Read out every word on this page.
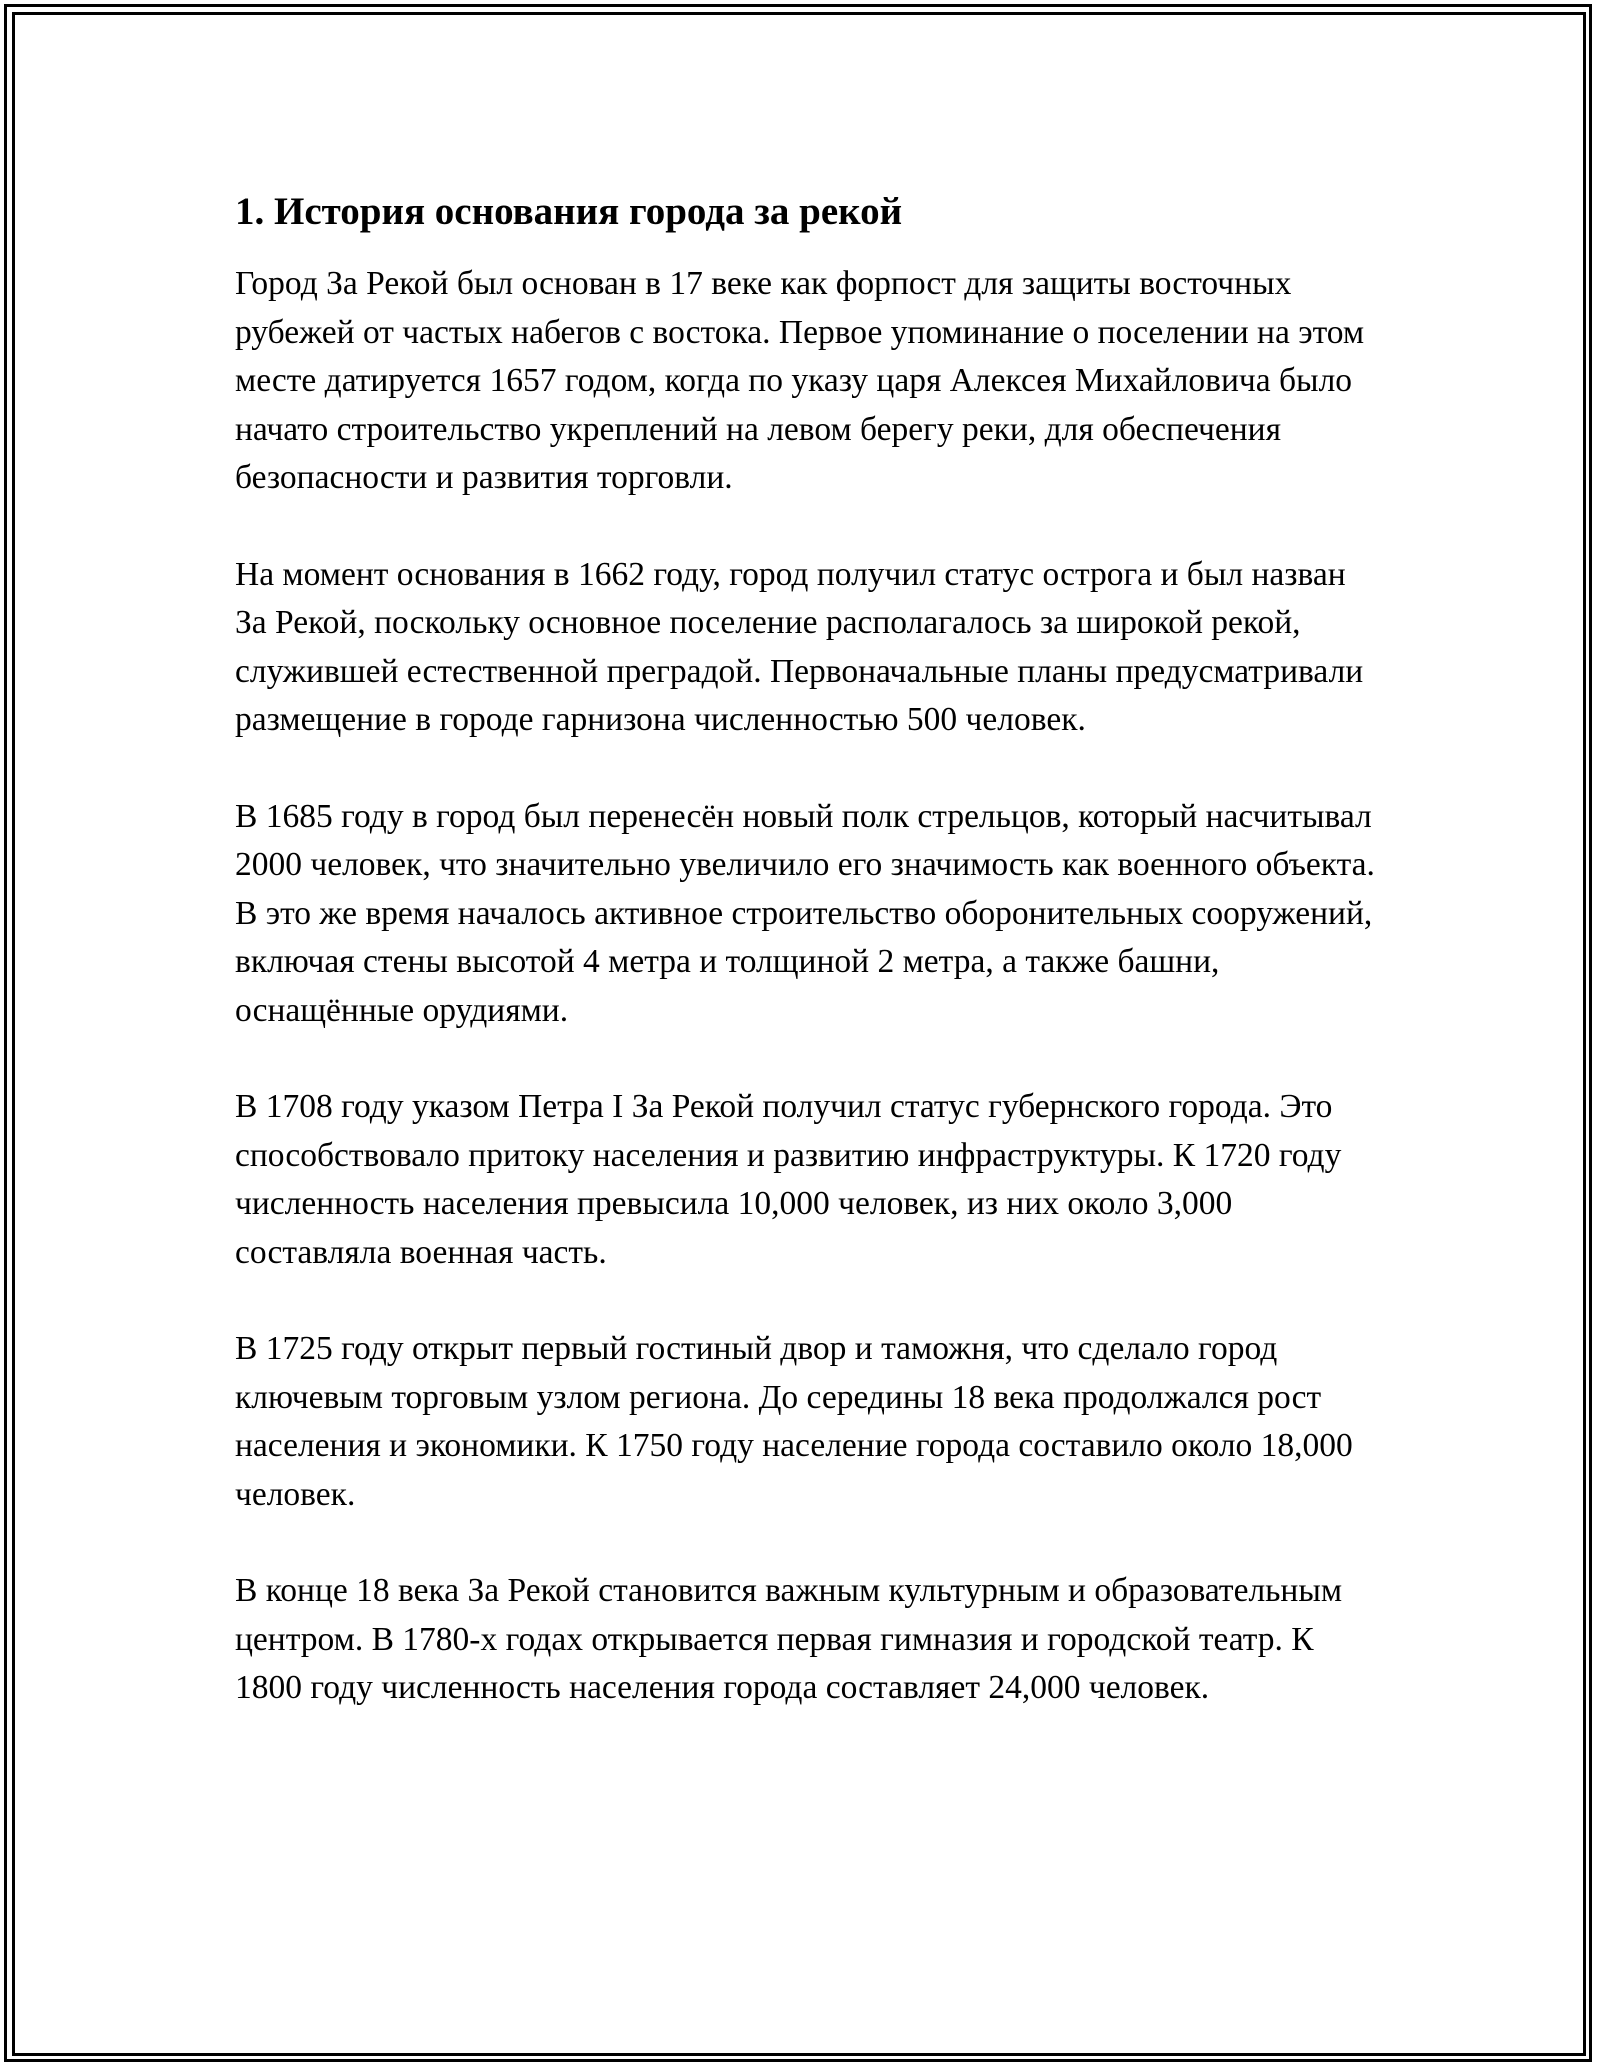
1. История основания города за рекой

Город За Рекой был основан в 17 веке как форпост для защиты восточных рубежей от частых набегов с востока. Первое упоминание о поселении на этом месте датируется 1657 годом, когда по указу царя Алексея Михайловича было начато строительство укреплений на левом берегу реки, для обеспечения безопасности и развития торговли.

На момент основания в 1662 году, город получил статус острога и был назван За Рекой, поскольку основное поселение располагалось за широкой рекой, служившей естественной преградой. Первоначальные планы предусматривали размещение в городе гарнизона численностью 500 человек.

В 1685 году в город был перенесён новый полк стрельцов, который насчитывал 2000 человек, что значительно увеличило его значимость как военного объекта. В это же время началось активное строительство оборонительных сооружений, включая стены высотой 4 метра и толщиной 2 метра, а также башни, оснащённые орудиями.

В 1708 году указом Петра I За Рекой получил статус губернского города. Это способствовало притоку населения и развитию инфраструктуры. К 1720 году численность населения превысила 10,000 человек, из них около 3,000 составляла военная часть.

В 1725 году открыт первый гостиный двор и таможня, что сделало город ключевым торговым узлом региона. До середины 18 века продолжался рост населения и экономики. К 1750 году население города составило около 18,000 человек.

В конце 18 века За Рекой становится важным культурным и образовательным центром. В 1780-х годах открывается первая гимназия и городской театр. К 1800 году численность населения города составляет 24,000 человек.
